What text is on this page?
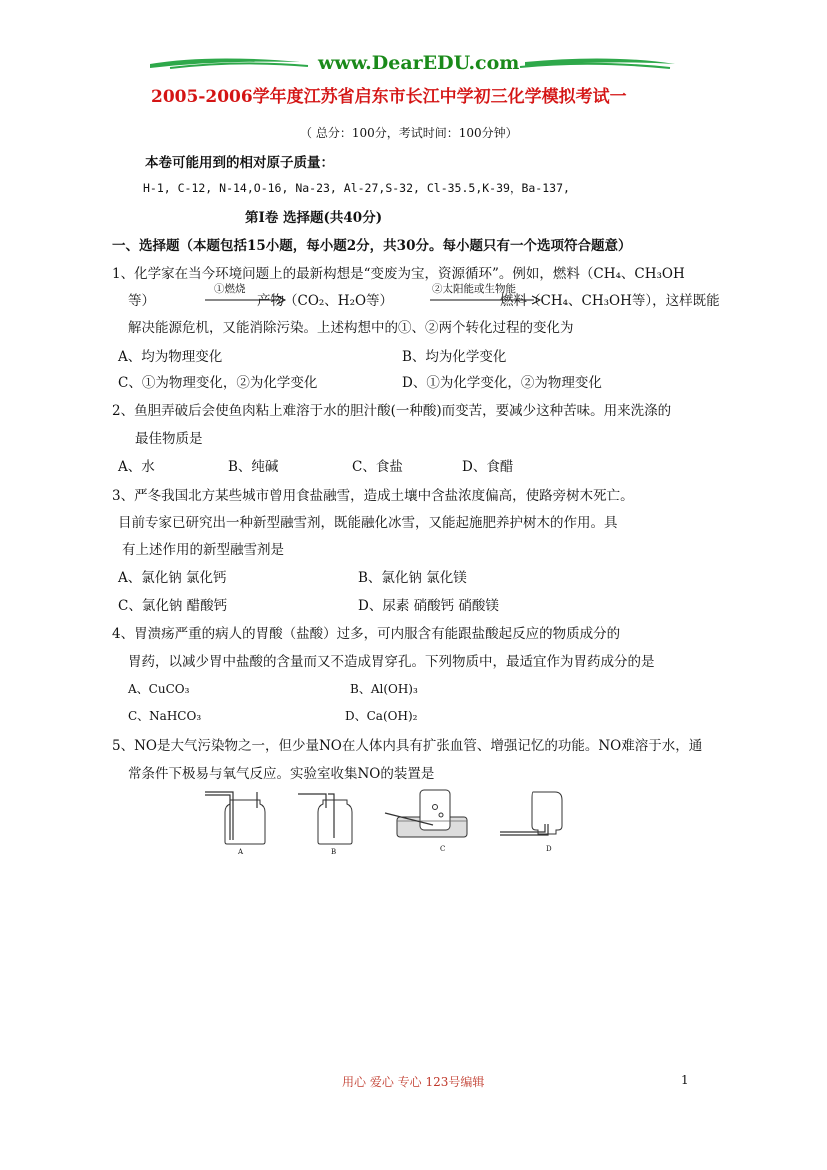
www.DearEDU.com
2005-2006学年度江苏省启东市长江中学初三化学模拟考试一
（ 总分：100分，考试时间：100分钟）
本卷可能用到的相对原子质量：
H-1, C-12, N-14,O-16, Na-23, Al-27,S-32, Cl-35.5,K-39，Ba-137,
第Ⅰ卷 选择题(共40分)
一、选择题（本题包括15小题，每小题2分，共30分。每小题只有一个选项符合题意）
1、化学家在当今环境问题上的最新构想是“变废为宝，资源循环”。例如，燃料（CH₄、CH₃OH
等）
①燃烧
产物（CO₂、H₂O等）
②太阳能或生物能
燃料（CH₄、CH₃OH等），这样既能
解决能源危机，又能消除污染。上述构想中的①、②两个转化过程的变化为
A、均为物理变化	B、均为化学变化
C、①为物理变化，②为化学变化	D、①为化学变化，②为物理变化
2、鱼胆弄破后会使鱼肉粘上难溶于水的胆汁酸(一种酸)而变苦，要减少这种苦味。用来洗涤的
最佳物质是
A、水	B、纯碱	C、食盐	D、食醋
3、严冬我国北方某些城市曾用食盐融雪，造成土壤中含盐浓度偏高，使路旁树木死亡。
目前专家已研究出一种新型融雪剂，既能融化冰雪，又能起施肥养护树木的作用。具
有上述作用的新型融雪剂是
A、氯化钠 氯化钙	B、氯化钠 氯化镁
C、氯化钠 醋酸钙	D、尿素 硝酸钙 硝酸镁
4、胃溃疡严重的病人的胃酸（盐酸）过多，可内服含有能跟盐酸起反应的物质成分的
胃药，以减少胃中盐酸的含量而又不造成胃穿孔。下列物质中，最适宜作为胃药成分的是
A、CuCO₃	B、Al(OH)₃
C、NaHCO₃	D、Ca(OH)₂
5、NO是大气污染物之一，但少量NO在人体内具有扩张血管、增强记忆的功能。NO难溶于水，通
常条件下极易与氧气反应。实验室收集NO的装置是
A	B	C	D
用心 爱心 专心 123号编辑	1
